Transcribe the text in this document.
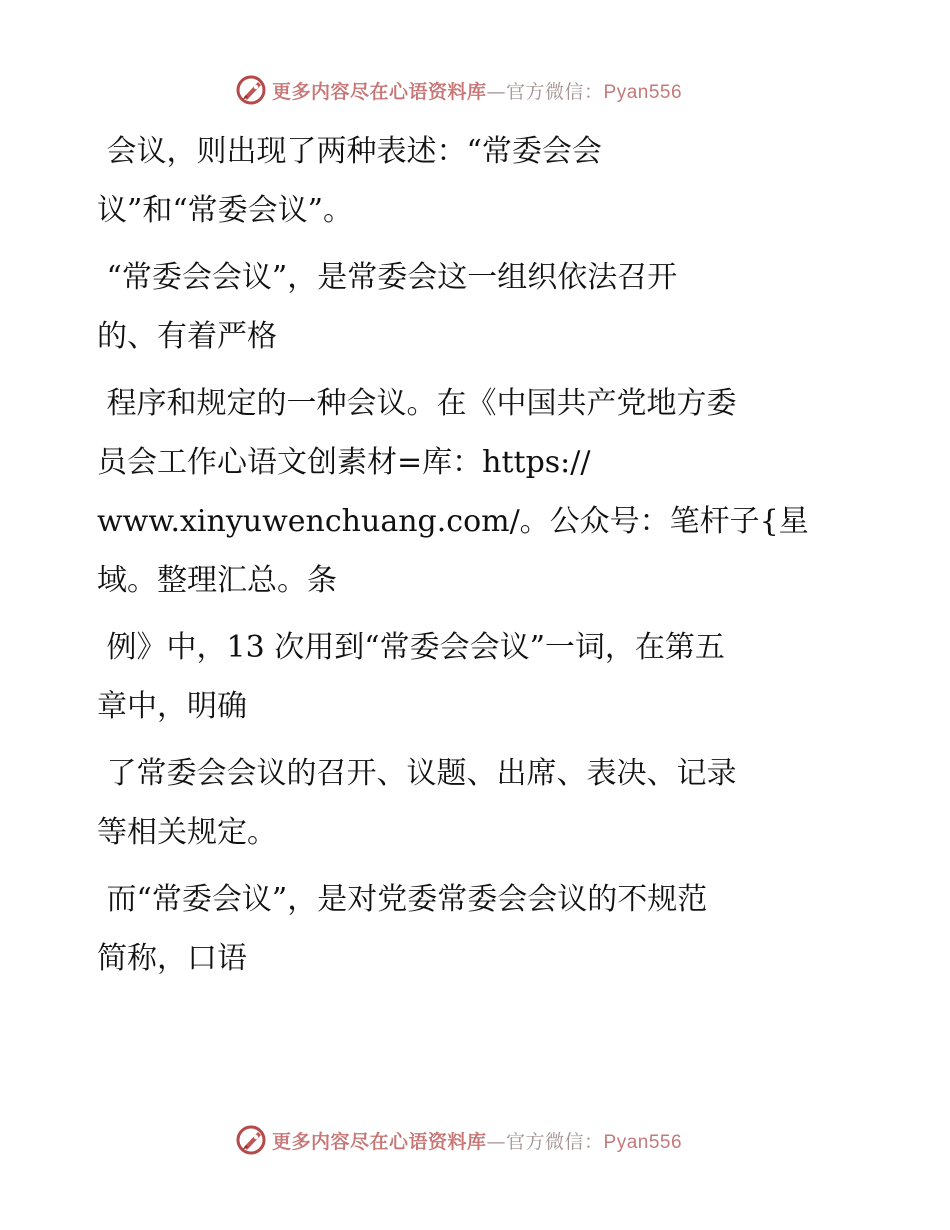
更多内容尽在心语资料库—官方微信：Pyan556
会议，则出现了两种表述：“常委会会
议”和“常委会议”。
“常委会会议”，是常委会这一组织依法召开
的、有着严格
程序和规定的一种会议。在《中国共产党地方委
员会工作心语文创素材=库：https://
www.xinyuwenchuang.com/。公众号：笔杆子{星
域。整理汇总。条
例》中，13 次用到“常委会会议”一词，在第五
章中，明确
了常委会会议的召开、议题、出席、表决、记录
等相关规定。
而“常委会议”，是对党委常委会会议的不规范
简称，口语
更多内容尽在心语资料库—官方微信：Pyan556
